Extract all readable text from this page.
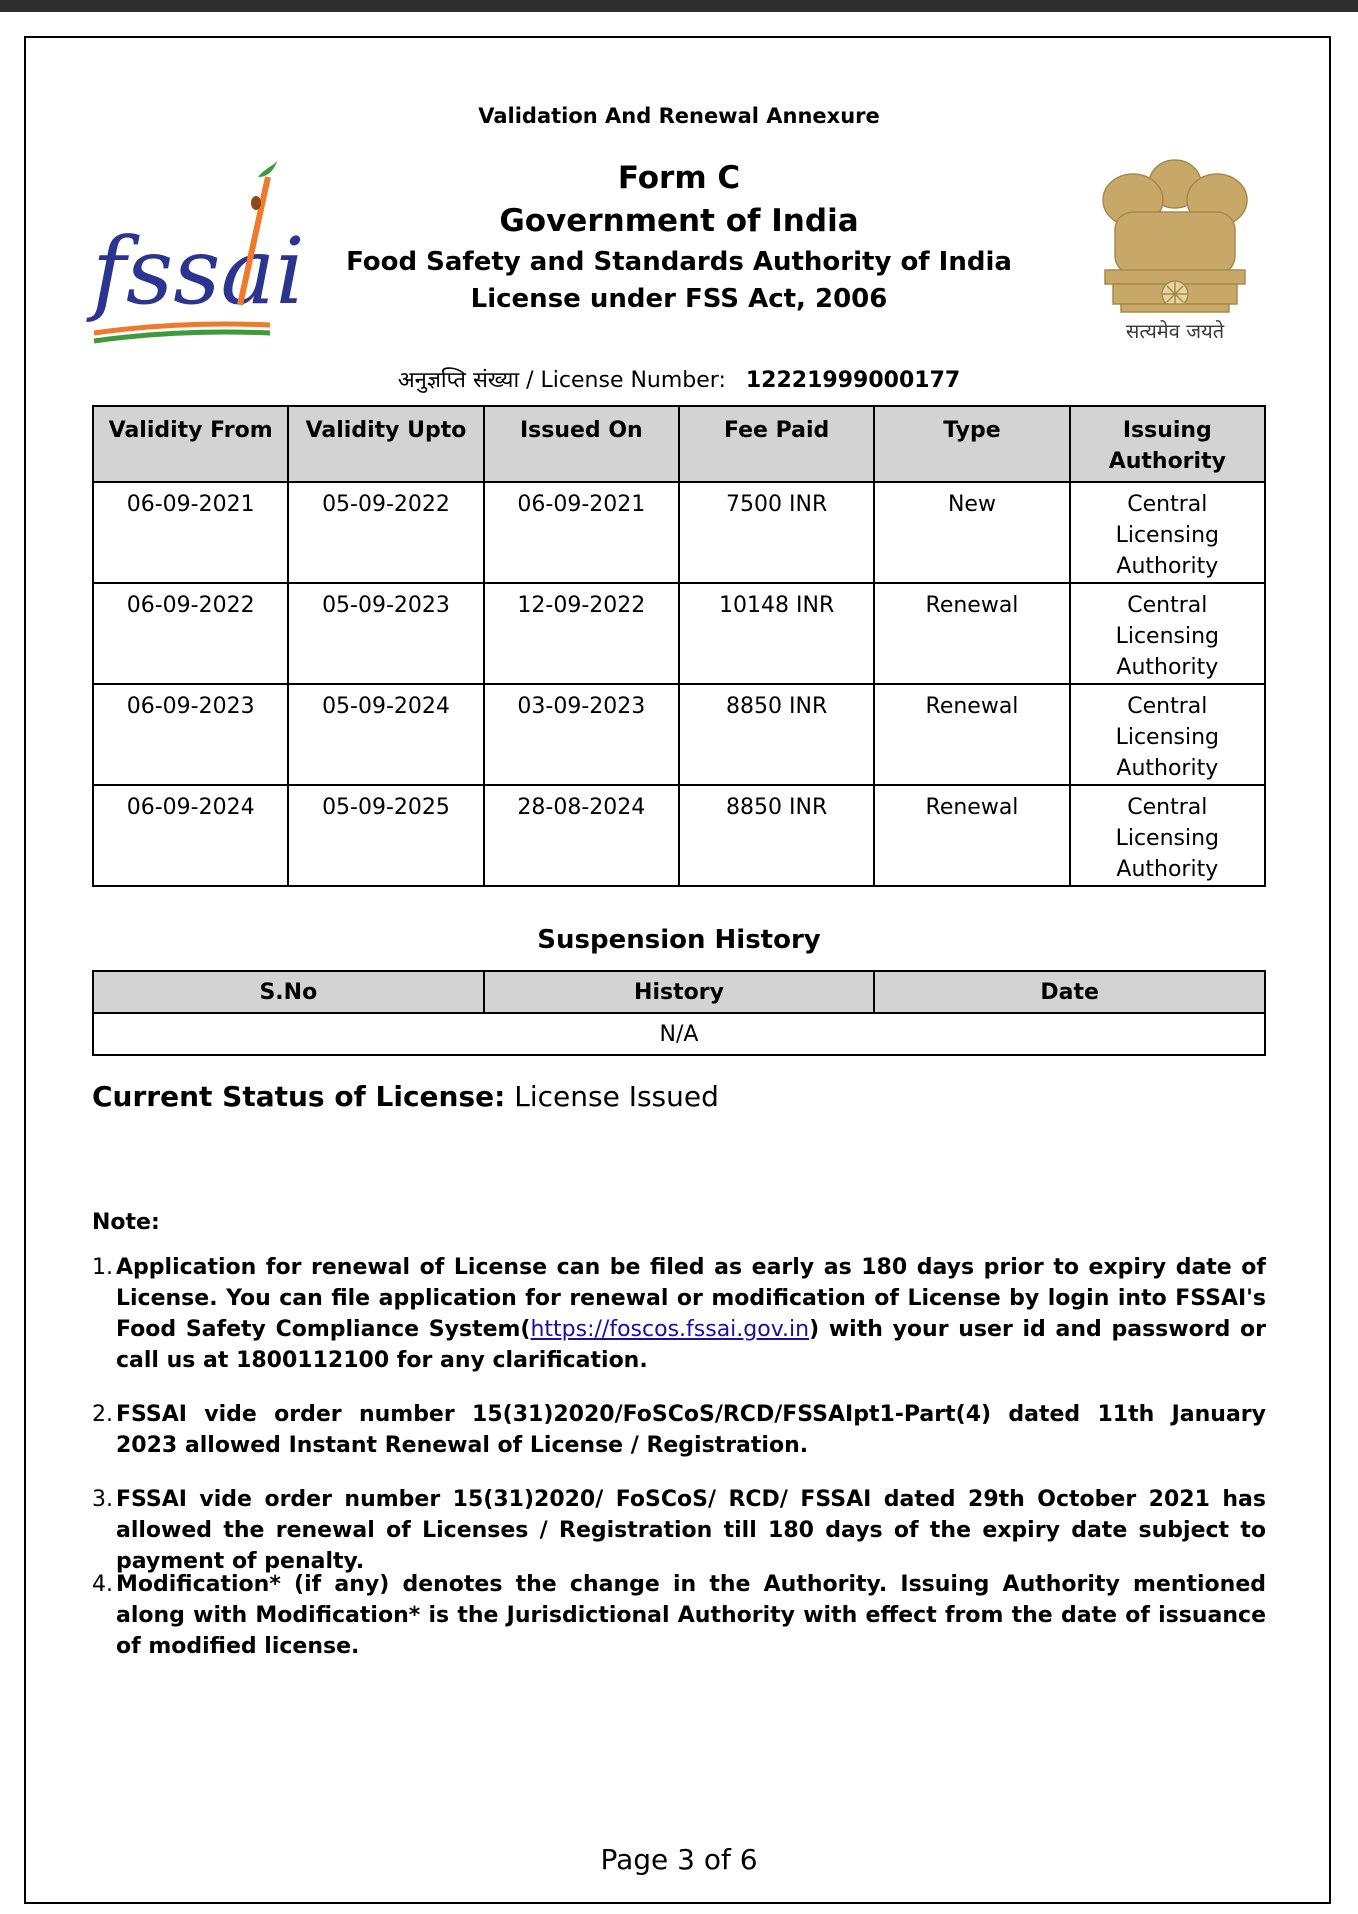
fssai
सत्यमेव जयते
Validation And Renewal Annexure
Form C
Government of India
Food Safety and Standards Authority of India
License under FSS Act, 2006
अनुज्ञप्ति संख्या / License Number: 12221999000177
Validity From	Validity Upto	Issued On	Fee Paid	Type	Issuing Authority
06-09-2021	05-09-2022	06-09-2021	7500 INR	New	Central Licensing Authority
06-09-2022	05-09-2023	12-09-2022	10148 INR	Renewal	Central Licensing Authority
06-09-2023	05-09-2024	03-09-2023	8850 INR	Renewal	Central Licensing Authority
06-09-2024	05-09-2025	28-08-2024	8850 INR	Renewal	Central Licensing Authority
Suspension History
S.No	History	Date
N/A
Current Status of License: License Issued
Note:
1. Application for renewal of License can be filed as early as 180 days prior to expiry date of License. You can file application for renewal or modification of License by login into FSSAI's Food Safety Compliance System(https://foscos.fssai.gov.in) with your user id and password or call us at 1800112100 for any clarification.
2. FSSAI vide order number 15(31)2020/FoSCoS/RCD/FSSAIpt1-Part(4) dated 11th January 2023 allowed Instant Renewal of License / Registration.
3. FSSAI vide order number 15(31)2020/ FoSCoS/ RCD/ FSSAI dated 29th October 2021 has allowed the renewal of Licenses / Registration till 180 days of the expiry date subject to payment of penalty.
4. Modification* (if any) denotes the change in the Authority. Issuing Authority mentioned along with Modification* is the Jurisdictional Authority with effect from the date of issuance of modified license.
Page 3 of 6
